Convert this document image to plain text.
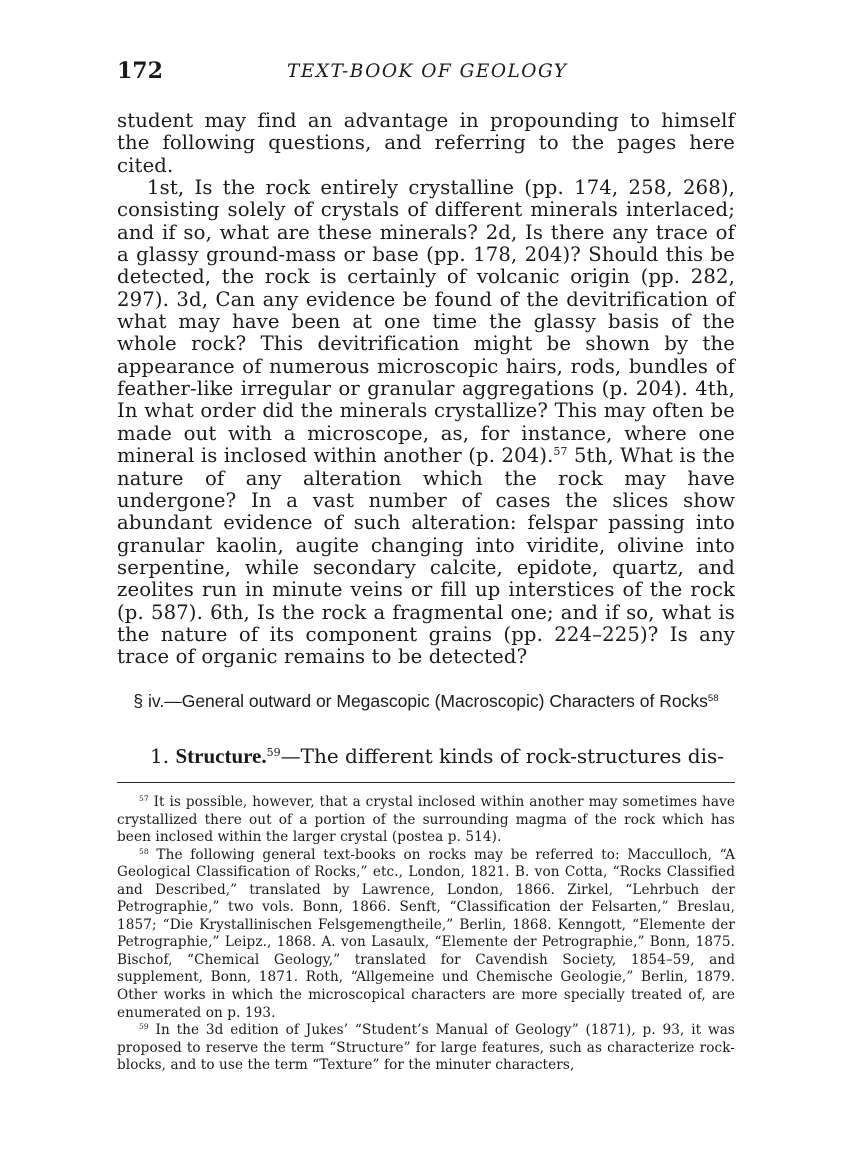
172	TEXT-BOOK OF GEOLOGY

student may find an advantage in propounding to himself the following questions, and referring to the pages here cited.

1st, Is the rock entirely crystalline (pp. 174, 258, 268), consisting solely of crystals of different minerals interlaced; and if so, what are these minerals? 2d, Is there any trace of a glassy ground-mass or base (pp. 178, 204)? Should this be detected, the rock is certainly of volcanic origin (pp. 282, 297). 3d, Can any evidence be found of the devitrification of what may have been at one time the glassy basis of the whole rock? This devitrification might be shown by the appearance of numerous microscopic hairs, rods, bundles of feather-like irregular or granular aggregations (p. 204). 4th, In what order did the minerals crystallize? This may often be made out with a microscope, as, for instance, where one mineral is inclosed within another (p. 204).$^{57}$ 5th, What is the nature of any alteration which the rock may have undergone? In a vast number of cases the slices show abundant evidence of such alteration: felspar passing into granular kaolin, augite changing into viridite, olivine into serpentine, while secondary calcite, epidote, quartz, and zeolites run in minute veins or fill up interstices of the rock (p. 587). 6th, Is the rock a fragmental one; and if so, what is the nature of its component grains (pp. 224–225)? Is any trace of organic remains to be detected?

§ iv.—General outward or Megascopic (Macroscopic) Characters of Rocks$^{58}$
1. Structure.$^{59}$—The different kinds of rock-structures dis-

$^{57}$ It is possible, however, that a crystal inclosed within another may sometimes have crystallized there out of a portion of the surrounding magma of the rock which has been inclosed within the larger crystal (postea p. 514).

$^{58}$ The following general text-books on rocks may be referred to: Macculloch, “A Geological Classification of Rocks,” etc., London, 1821. B. von Cotta, “Rocks Classified and Described,” translated by Lawrence, London, 1866. Zirkel, “Lehrbuch der Petrographie,” two vols. Bonn, 1866. Senft, “Classification der Felsarten,” Breslau, 1857; “Die Krystallinischen Felsgemengtheile,” Berlin, 1868. Kenngott, “Elemente der Petrographie,” Leipz., 1868. A. von Lasaulx, “Elemente der Petrographie,” Bonn, 1875. Bischof, “Chemical Geology,” translated for Cavendish Society, 1854–59, and supplement, Bonn, 1871. Roth, “Allgemeine und Chemische Geologie,” Berlin, 1879. Other works in which the microscopical characters are more specially treated of, are enumerated on p. 193.

$^{59}$ In the 3d edition of Jukes’ “Student’s Manual of Geology” (1871), p. 93, it was proposed to reserve the term “Structure” for large features, such as characterize rock-blocks, and to use the term “Texture” for the minuter characters,
